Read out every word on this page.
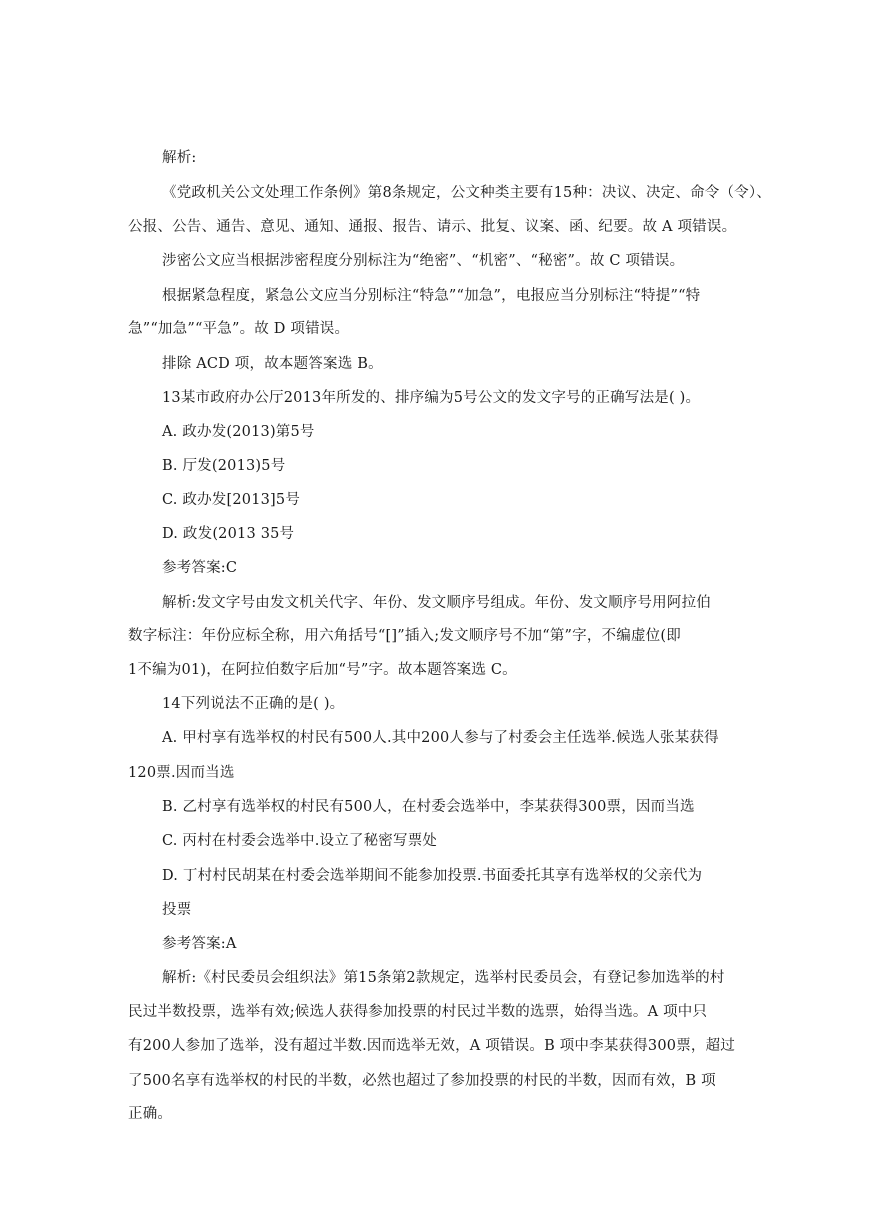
解析:
《党政机关公文处理工作条例》第8条规定，公文种类主要有15种：决议、决定、命令（令）、
公报、公告、通告、意见、通知、通报、报告、请示、批复、议案、函、纪要。故 A 项错误。
涉密公文应当根据涉密程度分别标注为“绝密”、“机密”、“秘密”。故 C 项错误。
根据紧急程度，紧急公文应当分别标注“特急”“加急”，电报应当分别标注“特提”“特
急”“加急”“平急”。故 D 项错误。
排除 ACD 项，故本题答案选 B。
13某市政府办公厅2013年所发的、排序编为5号公文的发文字号的正确写法是( )。
A. 政办发(2013)第5号
B. 厅发(2013)5号
C. 政办发[2013]5号
D. 政发(2013 35号
参考答案:C
解析:发文字号由发文机关代字、年份、发文顺序号组成。年份、发文顺序号用阿拉伯
数字标注：年份应标全称，用六角括号“[]”插入;发文顺序号不加“第”字，不编虚位(即
1不编为01)，在阿拉伯数字后加“号”字。故本题答案选 C。
14下列说法不正确的是( )。
A. 甲村享有选举权的村民有500人.其中200人参与了村委会主任选举.候选人张某获得
120票.因而当选
B. 乙村享有选举权的村民有500人，在村委会选举中，李某获得300票，因而当选
C. 丙村在村委会选举中.设立了秘密写票处
D. 丁村村民胡某在村委会选举期间不能参加投票.书面委托其享有选举权的父亲代为
投票
参考答案:A
解析:《村民委员会组织法》第15条第2款规定，选举村民委员会，有登记参加选举的村
民过半数投票，选举有效;候选人获得参加投票的村民过半数的选票，始得当选。A 项中只
有200人参加了选举，没有超过半数.因而选举无效，A 项错误。B 项中李某获得300票，超过
了500名享有选举权的村民的半数，必然也超过了参加投票的村民的半数，因而有效，B 项
正确。
